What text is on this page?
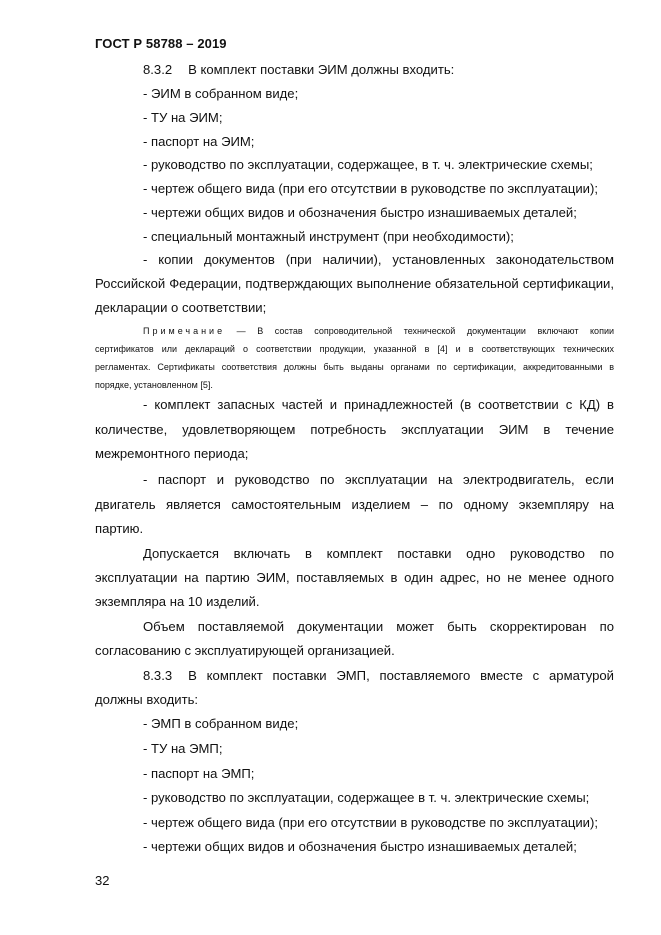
ГОСТ Р 58788 – 2019
8.3.2 В комплект поставки ЭИМ должны входить:
- ЭИМ в собранном виде;
- ТУ на ЭИМ;
- паспорт на ЭИМ;
- руководство по эксплуатации, содержащее, в т. ч. электрические схемы;
- чертеж общего вида (при его отсутствии в руководстве по эксплуатации);
- чертежи общих видов и обозначения быстро изнашиваемых деталей;
- специальный монтажный инструмент (при необходимости);
- копии документов (при наличии), установленных законодательством
Российской Федерации, подтверждающих выполнение обязательной сертификации,
декларации о соответствии;
Примечание — В состав сопроводительной технической документации включают копии
сертификатов или деклараций о соответствии продукции, указанной в [4] и в соответствующих технических
регламентах. Сертификаты соответствия должны быть выданы органами по сертификации, аккредитованными в
порядке, установленном [5].
- комплект запасных частей и принадлежностей (в соответствии с КД) в
количестве, удовлетворяющем потребность эксплуатации ЭИМ в течение
межремонтного периода;
- паспорт и руководство по эксплуатации на электродвигатель, если
двигатель является самостоятельным изделием – по одному экземпляру на
партию.
Допускается включать в комплект поставки одно руководство по
эксплуатации на партию ЭИМ, поставляемых в один адрес, но не менее одного
экземпляра на 10 изделий.
Объем поставляемой документации может быть скорректирован по
согласованию с эксплуатирующей организацией.
8.3.3 В комплект поставки ЭМП, поставляемого вместе с арматурой
должны входить:
- ЭМП в собранном виде;
- ТУ на ЭМП;
- паспорт на ЭМП;
- руководство по эксплуатации, содержащее в т. ч. электрические схемы;
- чертеж общего вида (при его отсутствии в руководстве по эксплуатации);
- чертежи общих видов и обозначения быстро изнашиваемых деталей;
32
